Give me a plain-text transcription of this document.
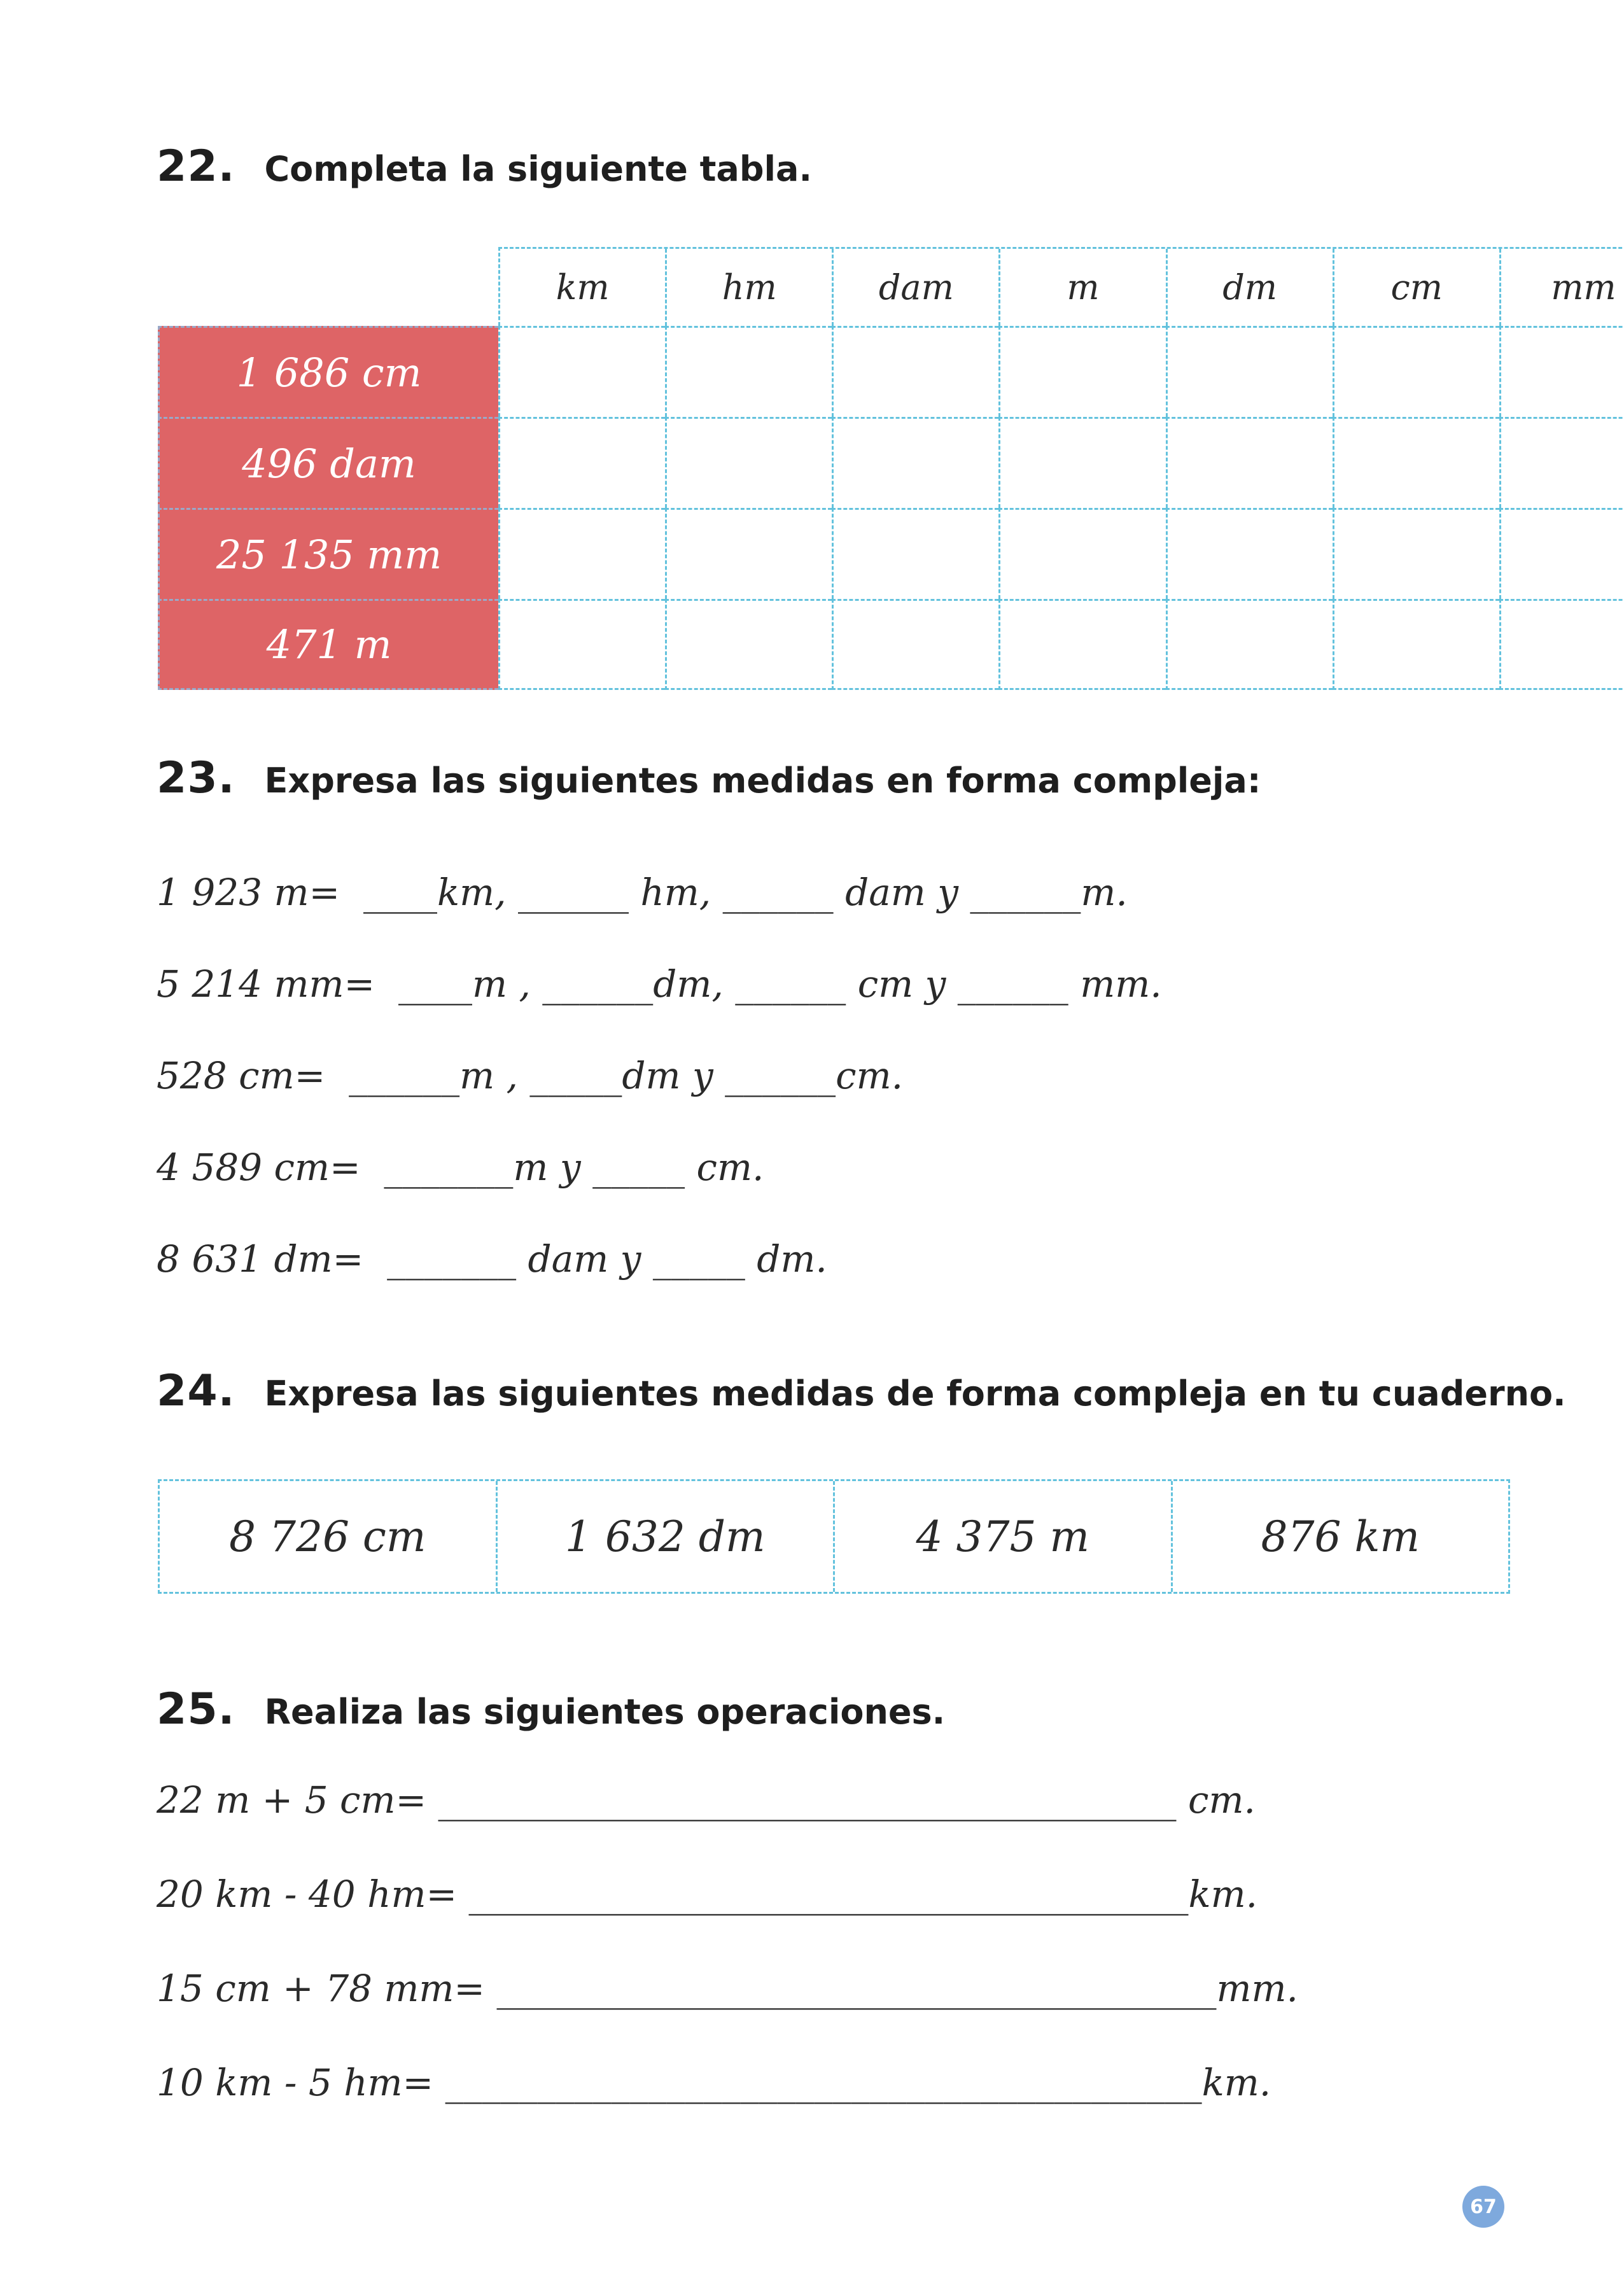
22. Completa la siguiente tabla.
km	hm	dam	m	dm	cm	mm
1 686 cm
496 dam
25 135 mm
471 m
23. Expresa las siguientes medidas en forma compleja:
1 923 m=  ____km, ______ hm, ______ dam y ______m.
5 214 mm=  ____m , ______dm, ______ cm y ______ mm.
528 cm=  ______m , _____dm y ______cm.
4 589 cm=  _______m y _____ cm.
8 631 dm=  _______ dam y _____ dm.
24. Expresa las siguientes medidas de forma compleja en tu cuaderno.
8 726 cm	1 632 dm	4 375 m	876 km
25. Realiza las siguientes operaciones.
22 m + 5 cm= ________________________________________ cm.
20 km - 40 hm= _______________________________________km.
15 cm + 78 mm= _______________________________________mm.
10 km - 5 hm= _________________________________________km.
67
